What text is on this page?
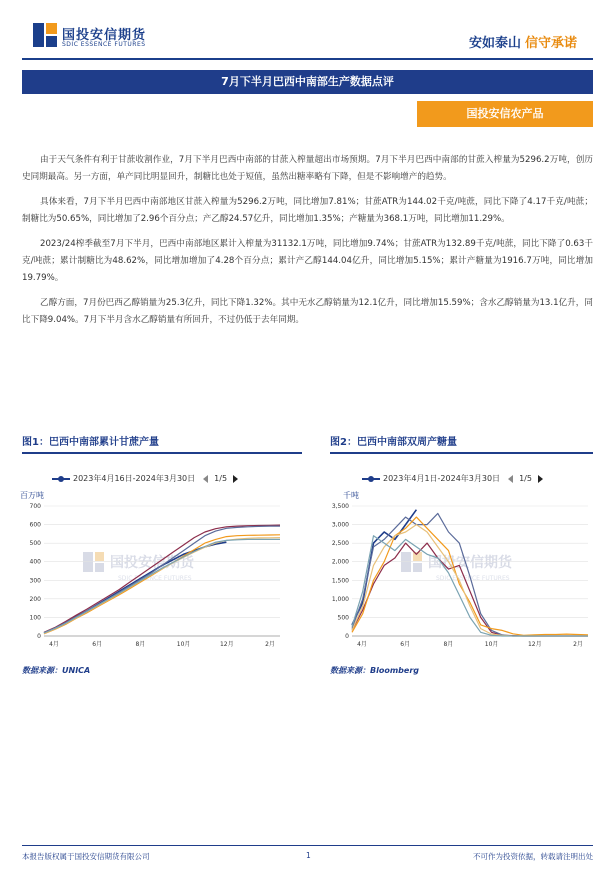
国投安信期货
SDIC ESSENCE FUTURES	安如泰山 信守承诺
7月下半月巴西中南部生产数据点评
国投安信农产品

由于天气条件有利于甘蔗收割作业，7月下半月巴西中南部的甘蔗入榨量超出市场预期。7月下半月巴西中南部的甘蔗入榨量为5296.2万吨，创历史同期最高。另一方面，单产同比明显回升，制糖比也处于短值，虽然出糖率略有下降，但是不影响增产的趋势。

具体来看，7月下半月巴西中南部地区甘蔗入榨量为5296.2万吨，同比增加7.81%；甘蔗ATR为144.02千克/吨蔗，同比下降了4.17千克/吨蔗；制糖比为50.65%，同比增加了2.96个百分点；产乙醇24.57亿升，同比增加1.35%；产糖量为368.1万吨，同比增加11.29%。

2023/24榨季截至7月下半月，巴西中南部地区累计入榨量为31132.1万吨，同比增加9.74%；甘蔗ATR为132.89千克/吨蔗，同比下降了0.63千克/吨蔗；累计制糖比为48.62%，同比增加增加了4.28个百分点；累计产乙醇144.04亿升，同比增加5.15%；累计产糖量为1916.7万吨，同比增加19.79%。

乙醇方面，7月份巴西乙醇销量为25.3亿升，同比下降1.32%。其中无水乙醇销量为12.1亿升，同比增加15.59%；含水乙醇销量为13.1亿升，同比下降9.04%。7月下半月含水乙醇销量有所回升，不过仍低于去年同期。

图1：巴西中南部累计甘蔗产量
2023年4月16日-2024年3月30日 1/5
百万吨
国投安信期货
SDIC ESSENCE FUTURES
0
100
200
300
400
500
600
700
4月	6月	8月	10月	12月	2月
数据来源：UNICA
图2：巴西中南部双周产糖量
2023年4月1日-2024年3月30日 1/5
千吨
国投安信期货
SDIC ESSENCE FUTURES
0
500
1,000
1,500
2,000
2,500
3,000
3,500
4月	6月	8月	10月	12月	2月
数据来源：Bloomberg
本报告版权属于国投安信期货有限公司	1	不可作为投资依据，转载请注明出处
